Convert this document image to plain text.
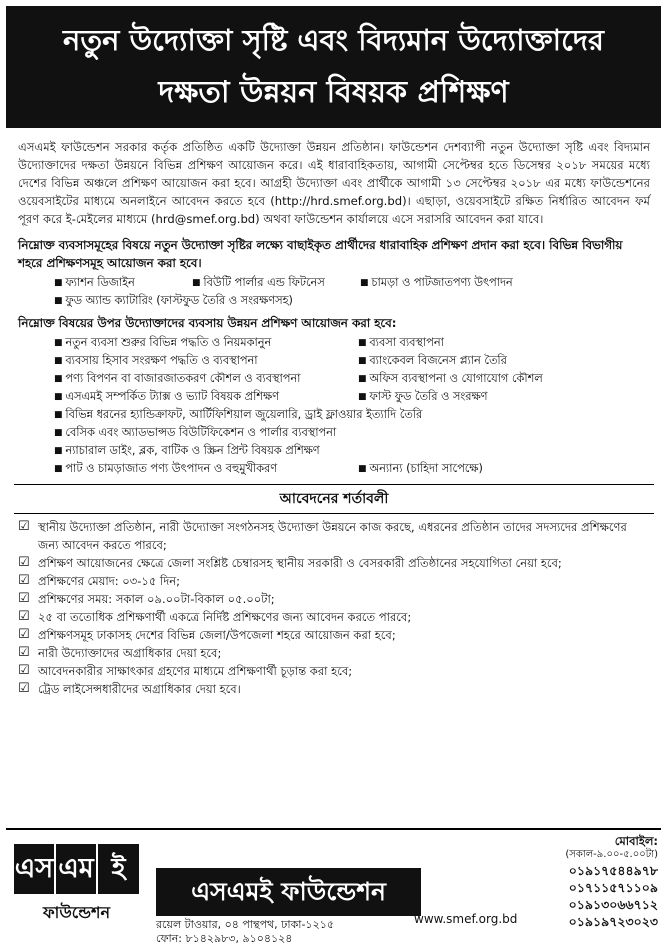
নতুন উদ্যোক্তা সৃষ্টি এবং বিদ্যমান উদ্যোক্তাদের
দক্ষতা উন্নয়ন বিষয়ক প্রশিক্ষণ

এসএমই ফাউন্ডেশন সরকার কর্তৃক প্রতিষ্ঠিত একটি উদ্যোক্তা উন্নয়ন প্রতিষ্ঠান। ফাউন্ডেশন দেশব্যাপী নতুন উদ্যোক্তা সৃষ্টি এবং বিদ্যমান উদ্যোক্তাদের দক্ষতা উন্নয়নে বিভিন্ন প্রশিক্ষণ আয়োজন করে। এই ধারাবাহিকতায়, আগামী সেপ্টেম্বর হতে ডিসেম্বর ২০১৮ সময়ের মধ্যে দেশের বিভিন্ন অঞ্চলে প্রশিক্ষণ আয়োজন করা হবে। আগ্রহী উদ্যোক্তা এবং প্রার্থীকে আগামী ১৩ সেপ্টেম্বর ২০১৮ এর মধ্যে ফাউন্ডেশনের ওয়েবসাইটের মাধ্যমে অনলাইনে আবেদন করতে হবে (http://hrd.smef.org.bd)। এছাড়া, ওয়েবসাইটে রক্ষিত নির্ধারিত আবেদন ফর্ম পূরণ করে ই-মেইলের মাধ্যমে (hrd@smef.org.bd) অথবা ফাউন্ডেশন কার্যালয়ে এসে সরাসরি আবেদন করা যাবে।

নিম্নোক্ত ব্যবসাসমূহের বিষয়ে নতুন উদ্যোক্তা সৃষ্টির লক্ষ্যে বাছাইকৃত প্রার্থীদের ধারাবাহিক প্রশিক্ষণ প্রদান করা হবে। বিভিন্ন বিভাগীয় শহরে প্রশিক্ষণসমূহ আয়োজন করা হবে।
■ ফ্যাশন ডিজাইন	■ বিউটি পার্লার এন্ড ফিটনেস	■ চামড়া ও পাটজাতপণ্য উৎপাদন
■ ফুড অ্যান্ড ক্যাটারিং (ফাস্টফুড তৈরি ও সংরক্ষণসহ)
নিম্নোক্ত বিষয়ের উপর উদ্যোক্তাদের ব্যবসায় উন্নয়ন প্রশিক্ষণ আয়োজন করা হবে:
■ নতুন ব্যবসা শুরুর বিভিন্ন পদ্ধতি ও নিয়মকানুন	■ ব্যবসা ব্যবস্থাপনা
■ ব্যবসায় হিসাব সংরক্ষণ পদ্ধতি ও ব্যবস্থাপনা	■ ব্যাংকেবল বিজনেস প্ল্যান তৈরি
■ পণ্য বিপণন বা বাজারজাতকরণ কৌশল ও ব্যবস্থাপনা	■ অফিস ব্যবস্থাপনা ও যোগাযোগ কৌশল
■ এসএমই সম্পর্কিত ট্যাক্স ও ভ্যাট বিষয়ক প্রশিক্ষণ	■ ফাস্ট ফুড তৈরি ও সংরক্ষণ
■ বিভিন্ন ধরনের হ্যান্ডিক্রাফট, আর্টিফিশিয়াল জুয়েলারি, ড্রাই ফ্লাওয়ার ইত্যাদি তৈরি
■ বেসিক এবং অ্যাডভান্সড বিউটিফিকেশন ও পার্লার ব্যবস্থাপনা
■ ন্যাচারাল ডাইং, ব্লক, বাটিক ও স্ক্রিন প্রিন্ট বিষয়ক প্রশিক্ষণ
■ পাট ও চামড়াজাত পণ্য উৎপাদন ও বহুমুখীকরণ	■ অন্যান্য (চাহিদা সাপেক্ষে)
আবেদনের শর্তাবলী
☑ স্থানীয় উদ্যোক্তা প্রতিষ্ঠান, নারী উদ্যোক্তা সংগঠনসহ উদ্যোক্তা উন্নয়নে কাজ করছে, এধরনের প্রতিষ্ঠান তাদের সদস্যদের প্রশিক্ষণের জন্য আবেদন করতে পারবে;
☑ প্রশিক্ষণ আয়োজনের ক্ষেত্রে জেলা সংশ্লিষ্ট চেম্বারসহ স্থানীয় সরকারী ও বেসরকারী প্রতিষ্ঠানের সহযোগিতা নেয়া হবে;
☑ প্রশিক্ষণের মেয়াদ: ০৩-১৫ দিন;
☑ প্রশিক্ষণের সময়: সকাল ০৯.০০টা-বিকাল ০৫.০০টা;
☑ ২৫ বা ততোধিক প্রশিক্ষণার্থী একত্রে নির্দিষ্ট প্রশিক্ষণের জন্য আবেদন করতে পারবে;
☑ প্রশিক্ষণসমূহ ঢাকাসহ দেশের বিভিন্ন জেলা/উপজেলা শহরে আয়োজন করা হবে;
☑ নারী উদ্যোক্তাদের অগ্রাধিকার দেয়া হবে;
☑ আবেদনকারীর সাক্ষাৎকার গ্রহণের মাধ্যমে প্রশিক্ষণার্থী চূড়ান্ত করা হবে;
☑ ট্রেড লাইসেন্সধারীদের অগ্রাধিকার দেয়া হবে।
এস এম ই
ফাউন্ডেশন
এসএমই ফাউন্ডেশন
রয়েল টাওয়ার, ০৪ পান্থপথ, ঢাকা-১২১৫
ফোন: ৮১৪২৯৮৩, ৯১০৪১২৪
www.smef.org.bd
মোবাইল:
(সকাল-৯.০০-৫.০০টা)
০১৯১৭৫৪৪৯৭৮
০১৭১১৫৭১১০৯
০১৯১৩০৬৬৭১২
০১৯১৯৭২৩০২৩
